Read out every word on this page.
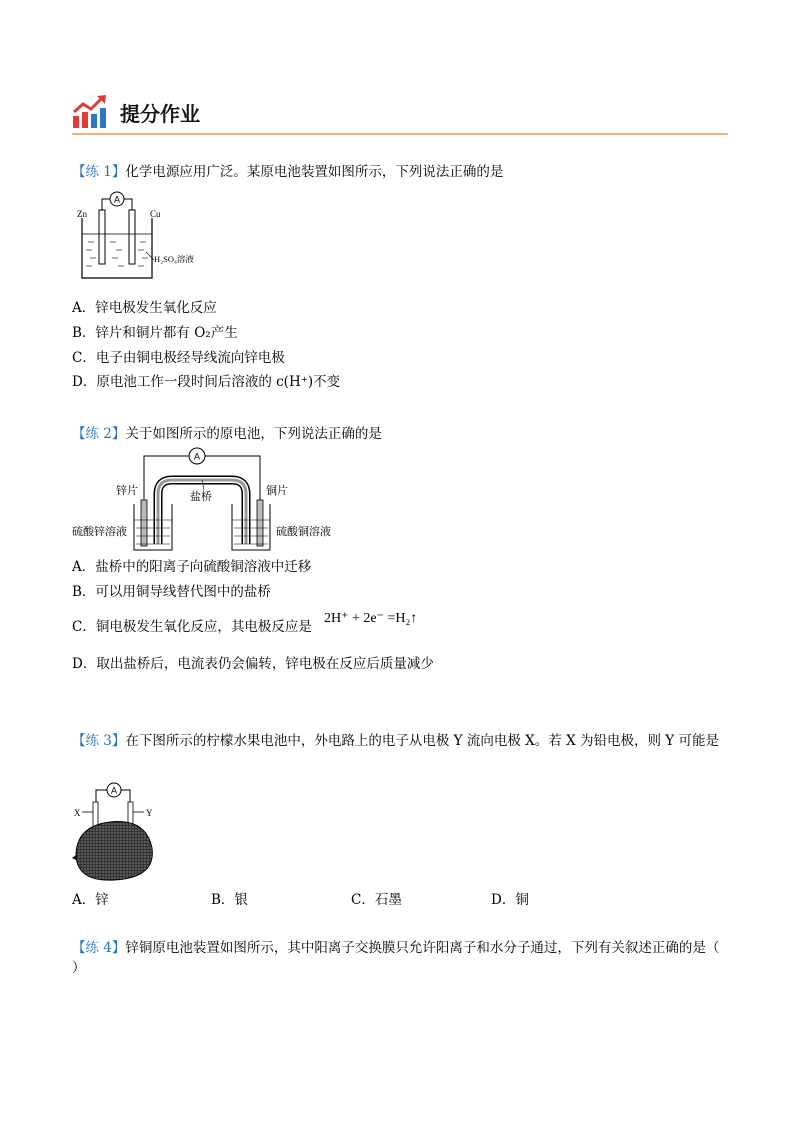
提分作业
【练 1】化学电源应用广泛。某原电池装置如图所示，下列说法正确的是
A
Zn	Cu
H₂SO₄溶液
A．锌电极发生氧化反应
B．锌片和铜片都有 O₂产生
C．电子由铜电极经导线流向锌电极
D．原电池工作一段时间后溶液的 c(H⁺)不变
【练 2】关于如图所示的原电池，下列说法正确的是
A
盐桥
锌片	铜片
硫酸锌溶液	硫酸铜溶液
A．盐桥中的阳离子向硫酸铜溶液中迁移
B．可以用铜导线替代图中的盐桥
C．铜电极发生氧化反应，其电极反应是
2H⁺ + 2e⁻ =H₂↑
D．取出盐桥后，电流表仍会偏转，锌电极在反应后质量减少
【练 3】在下图所示的柠檬水果电池中，外电路上的电子从电极 Y 流向电极 X。若 X 为铅电极，则 Y 可能是
A
X	Y
A．锌	B．银	C．石墨	D．铜
【练 4】锌铜原电池装置如图所示，其中阳离子交换膜只允许阳离子和水分子通过，下列有关叙述正确的是（ ）
